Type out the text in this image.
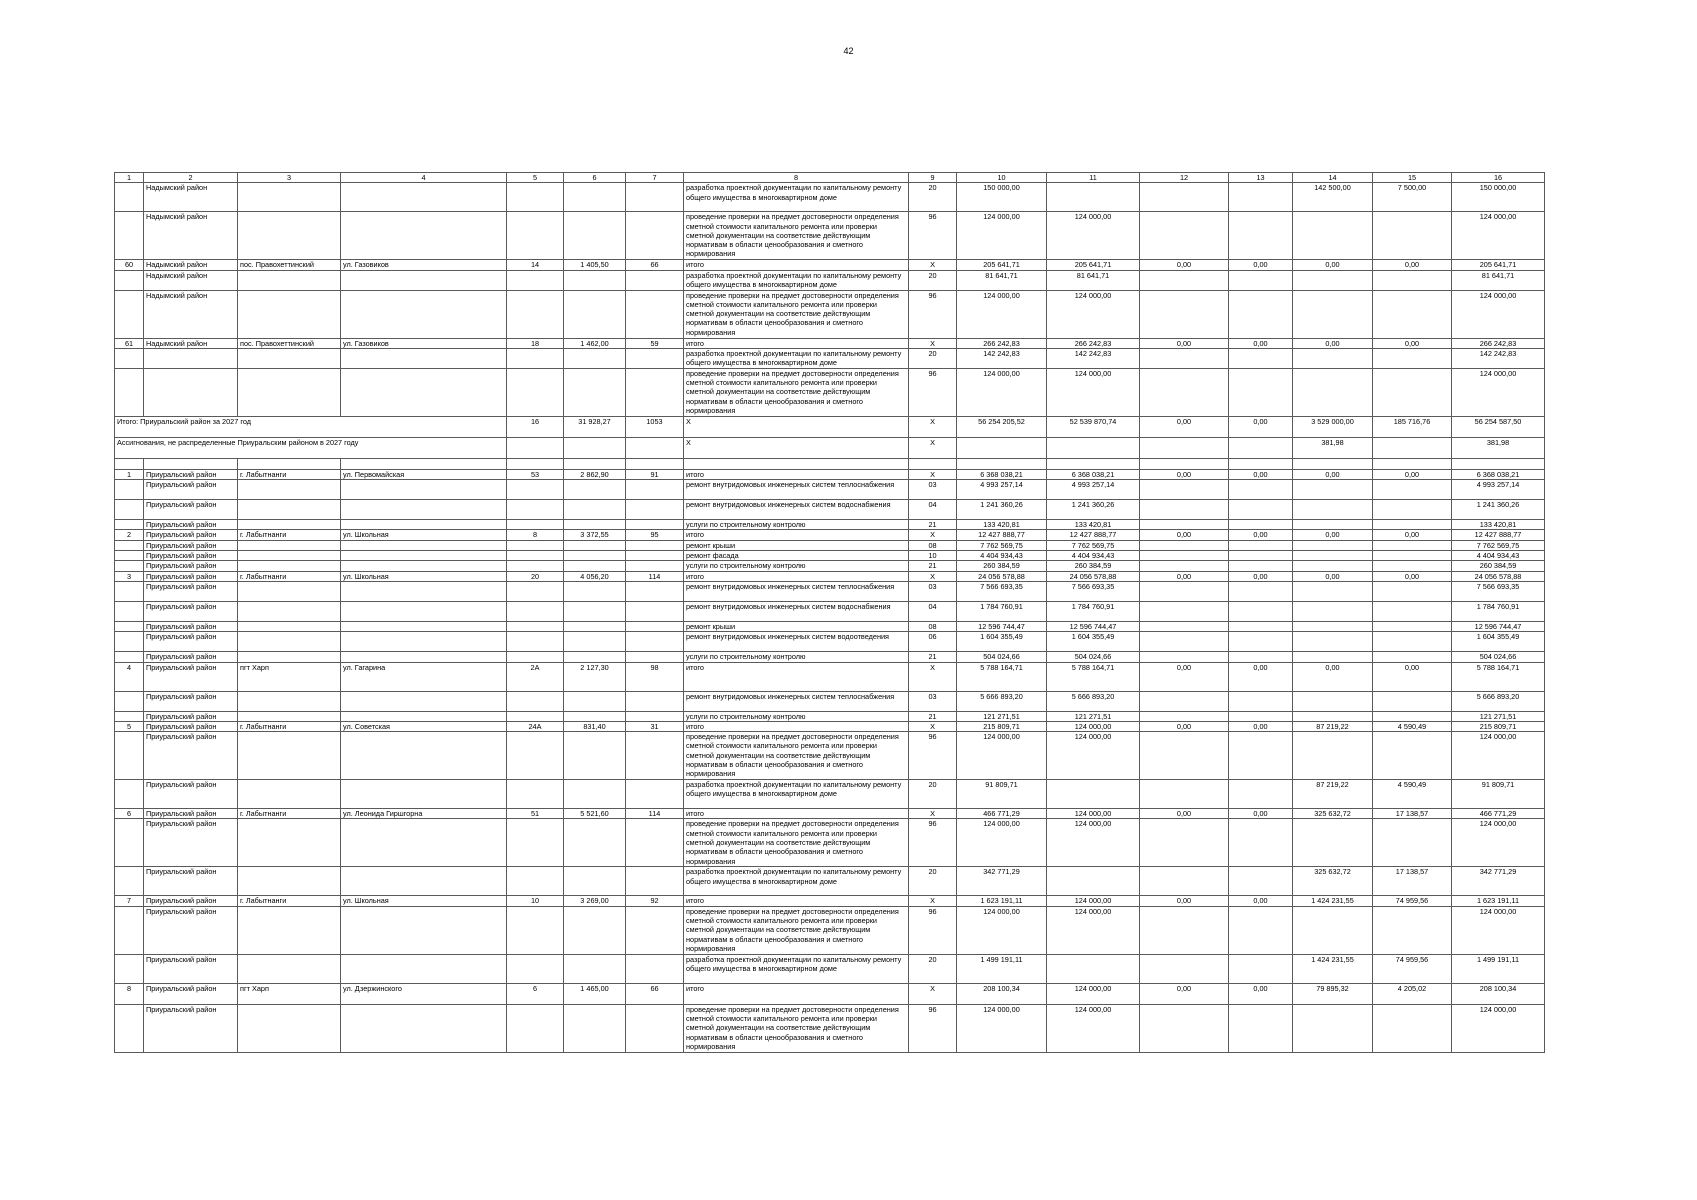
42
1	2	3	4	5	6	7	8	9	10	11	12	13	14	15	16
	Надымский район						разработка проектной документации по капитальному ремонту общего имущества в многоквартирном доме	20	150 000,00				142 500,00	7 500,00	150 000,00
	Надымский район						проведение проверки на предмет достоверности определения сметной стоимости капитального ремонта или проверки сметной документации на соответствие действующим нормативам в области ценообразования и сметного нормирования	96	124 000,00	124 000,00					124 000,00
60	Надымский район	пос. Правохеттинский	ул. Газовиков	14	1 405,50	66	итого	X	205 641,71	205 641,71	0,00	0,00	0,00	0,00	205 641,71
	Надымский район						разработка проектной документации по капитальному ремонту общего имущества в многоквартирном доме	20	81 641,71	81 641,71					81 641,71
	Надымский район						проведение проверки на предмет достоверности определения сметной стоимости капитального ремонта или проверки сметной документации на соответствие действующим нормативам в области ценообразования и сметного нормирования	96	124 000,00	124 000,00					124 000,00
61	Надымский район	пос. Правохеттинский	ул. Газовиков	18	1 462,00	59	итого	X	266 242,83	266 242,83	0,00	0,00	0,00	0,00	266 242,83
							разработка проектной документации по капитальному ремонту общего имущества в многоквартирном доме	20	142 242,83	142 242,83					142 242,83
							проведение проверки на предмет достоверности определения сметной стоимости капитального ремонта или проверки сметной документации на соответствие действующим нормативам в области ценообразования и сметного нормирования	96	124 000,00	124 000,00					124 000,00
Итого: Приуральский район за 2027 год				16	31 928,27	1053	X	X	56 254 205,52	52 539 870,74	0,00	0,00	3 529 000,00	185 716,76	56 254 587,50
Ассигнования, не распределенные Приуральским районом в 2027 году							X	X					381,98		381,98

1	Приуральский район	г. Лабытнанги	ул. Первомайская	53	2 862,90	91	итого	X	6 368 038,21	6 368 038,21	0,00	0,00	0,00	0,00	6 368 038,21
	Приуральский район						ремонт внутридомовых инженерных систем теплоснабжения	03	4 993 257,14	4 993 257,14					4 993 257,14
	Приуральский район						ремонт внутридомовых инженерных систем водоснабжения	04	1 241 360,26	1 241 360,26					1 241 360,26
	Приуральский район						услуги по строительному контролю	21	133 420,81	133 420,81					133 420,81
2	Приуральский район	г. Лабытнанги	ул. Школьная	8	3 372,55	95	итого	X	12 427 888,77	12 427 888,77	0,00	0,00	0,00	0,00	12 427 888,77
	Приуральский район						ремонт крыши	08	7 762 569,75	7 762 569,75					7 762 569,75
	Приуральский район						ремонт фасада	10	4 404 934,43	4 404 934,43					4 404 934,43
	Приуральский район						услуги по строительному контролю	21	260 384,59	260 384,59					260 384,59
3	Приуральский район	г. Лабытнанги	ул. Школьная	20	4 056,20	114	итого	X	24 056 578,88	24 056 578,88	0,00	0,00	0,00	0,00	24 056 578,88
	Приуральский район						ремонт внутридомовых инженерных систем теплоснабжения	03	7 566 693,35	7 566 693,35					7 566 693,35
	Приуральский район						ремонт внутридомовых инженерных систем водоснабжения	04	1 784 760,91	1 784 760,91					1 784 760,91
	Приуральский район						ремонт крыши	08	12 596 744,47	12 596 744,47					12 596 744,47
	Приуральский район						ремонт внутридомовых инженерных систем водоотведения	06	1 604 355,49	1 604 355,49					1 604 355,49
	Приуральский район						услуги по строительному контролю	21	504 024,66	504 024,66					504 024,66
4	Приуральский район	пгт Харп	ул. Гагарина	2А	2 127,30	98	итого	X	5 788 164,71	5 788 164,71	0,00	0,00	0,00	0,00	5 788 164,71
	Приуральский район						ремонт внутридомовых инженерных систем теплоснабжения	03	5 666 893,20	5 666 893,20					5 666 893,20
	Приуральский район						услуги по строительному контролю	21	121 271,51	121 271,51					121 271,51
5	Приуральский район	г. Лабытнанги	ул. Советская	24А	831,40	31	итого	X	215 809,71	124 000,00	0,00	0,00	87 219,22	4 590,49	215 809,71
	Приуральский район						проведение проверки на предмет достоверности определения сметной стоимости капитального ремонта или проверки сметной документации на соответствие действующим нормативам в области ценообразования и сметного нормирования	96	124 000,00	124 000,00					124 000,00
	Приуральский район						разработка проектной документации по капитальному ремонту общего имущества в многоквартирном доме	20	91 809,71				87 219,22	4 590,49	91 809,71
6	Приуральский район	г. Лабытнанги	ул. Леонида Гиршгорна	51	5 521,60	114	итого	X	466 771,29	124 000,00	0,00	0,00	325 632,72	17 138,57	466 771,29
	Приуральский район						проведение проверки на предмет достоверности определения сметной стоимости капитального ремонта или проверки сметной документации на соответствие действующим нормативам в области ценообразования и сметного нормирования	96	124 000,00	124 000,00					124 000,00
	Приуральский район						разработка проектной документации по капитальному ремонту общего имущества в многоквартирном доме	20	342 771,29				325 632,72	17 138,57	342 771,29
7	Приуральский район	г. Лабытнанги	ул. Школьная	10	3 269,00	92	итого	X	1 623 191,11	124 000,00	0,00	0,00	1 424 231,55	74 959,56	1 623 191,11
	Приуральский район						проведение проверки на предмет достоверности определения сметной стоимости капитального ремонта или проверки сметной документации на соответствие действующим нормативам в области ценообразования и сметного нормирования	96	124 000,00	124 000,00					124 000,00
	Приуральский район						разработка проектной документации по капитальному ремонту общего имущества в многоквартирном доме	20	1 499 191,11				1 424 231,55	74 959,56	1 499 191,11
8	Приуральский район	пгт Харп	ул. Дзержинского	6	1 465,00	66	итого	X	208 100,34	124 000,00	0,00	0,00	79 895,32	4 205,02	208 100,34
	Приуральский район						проведение проверки на предмет достоверности определения сметной стоимости капитального ремонта или проверки сметной документации на соответствие действующим нормативам в области ценообразования и сметного нормирования	96	124 000,00	124 000,00					124 000,00
